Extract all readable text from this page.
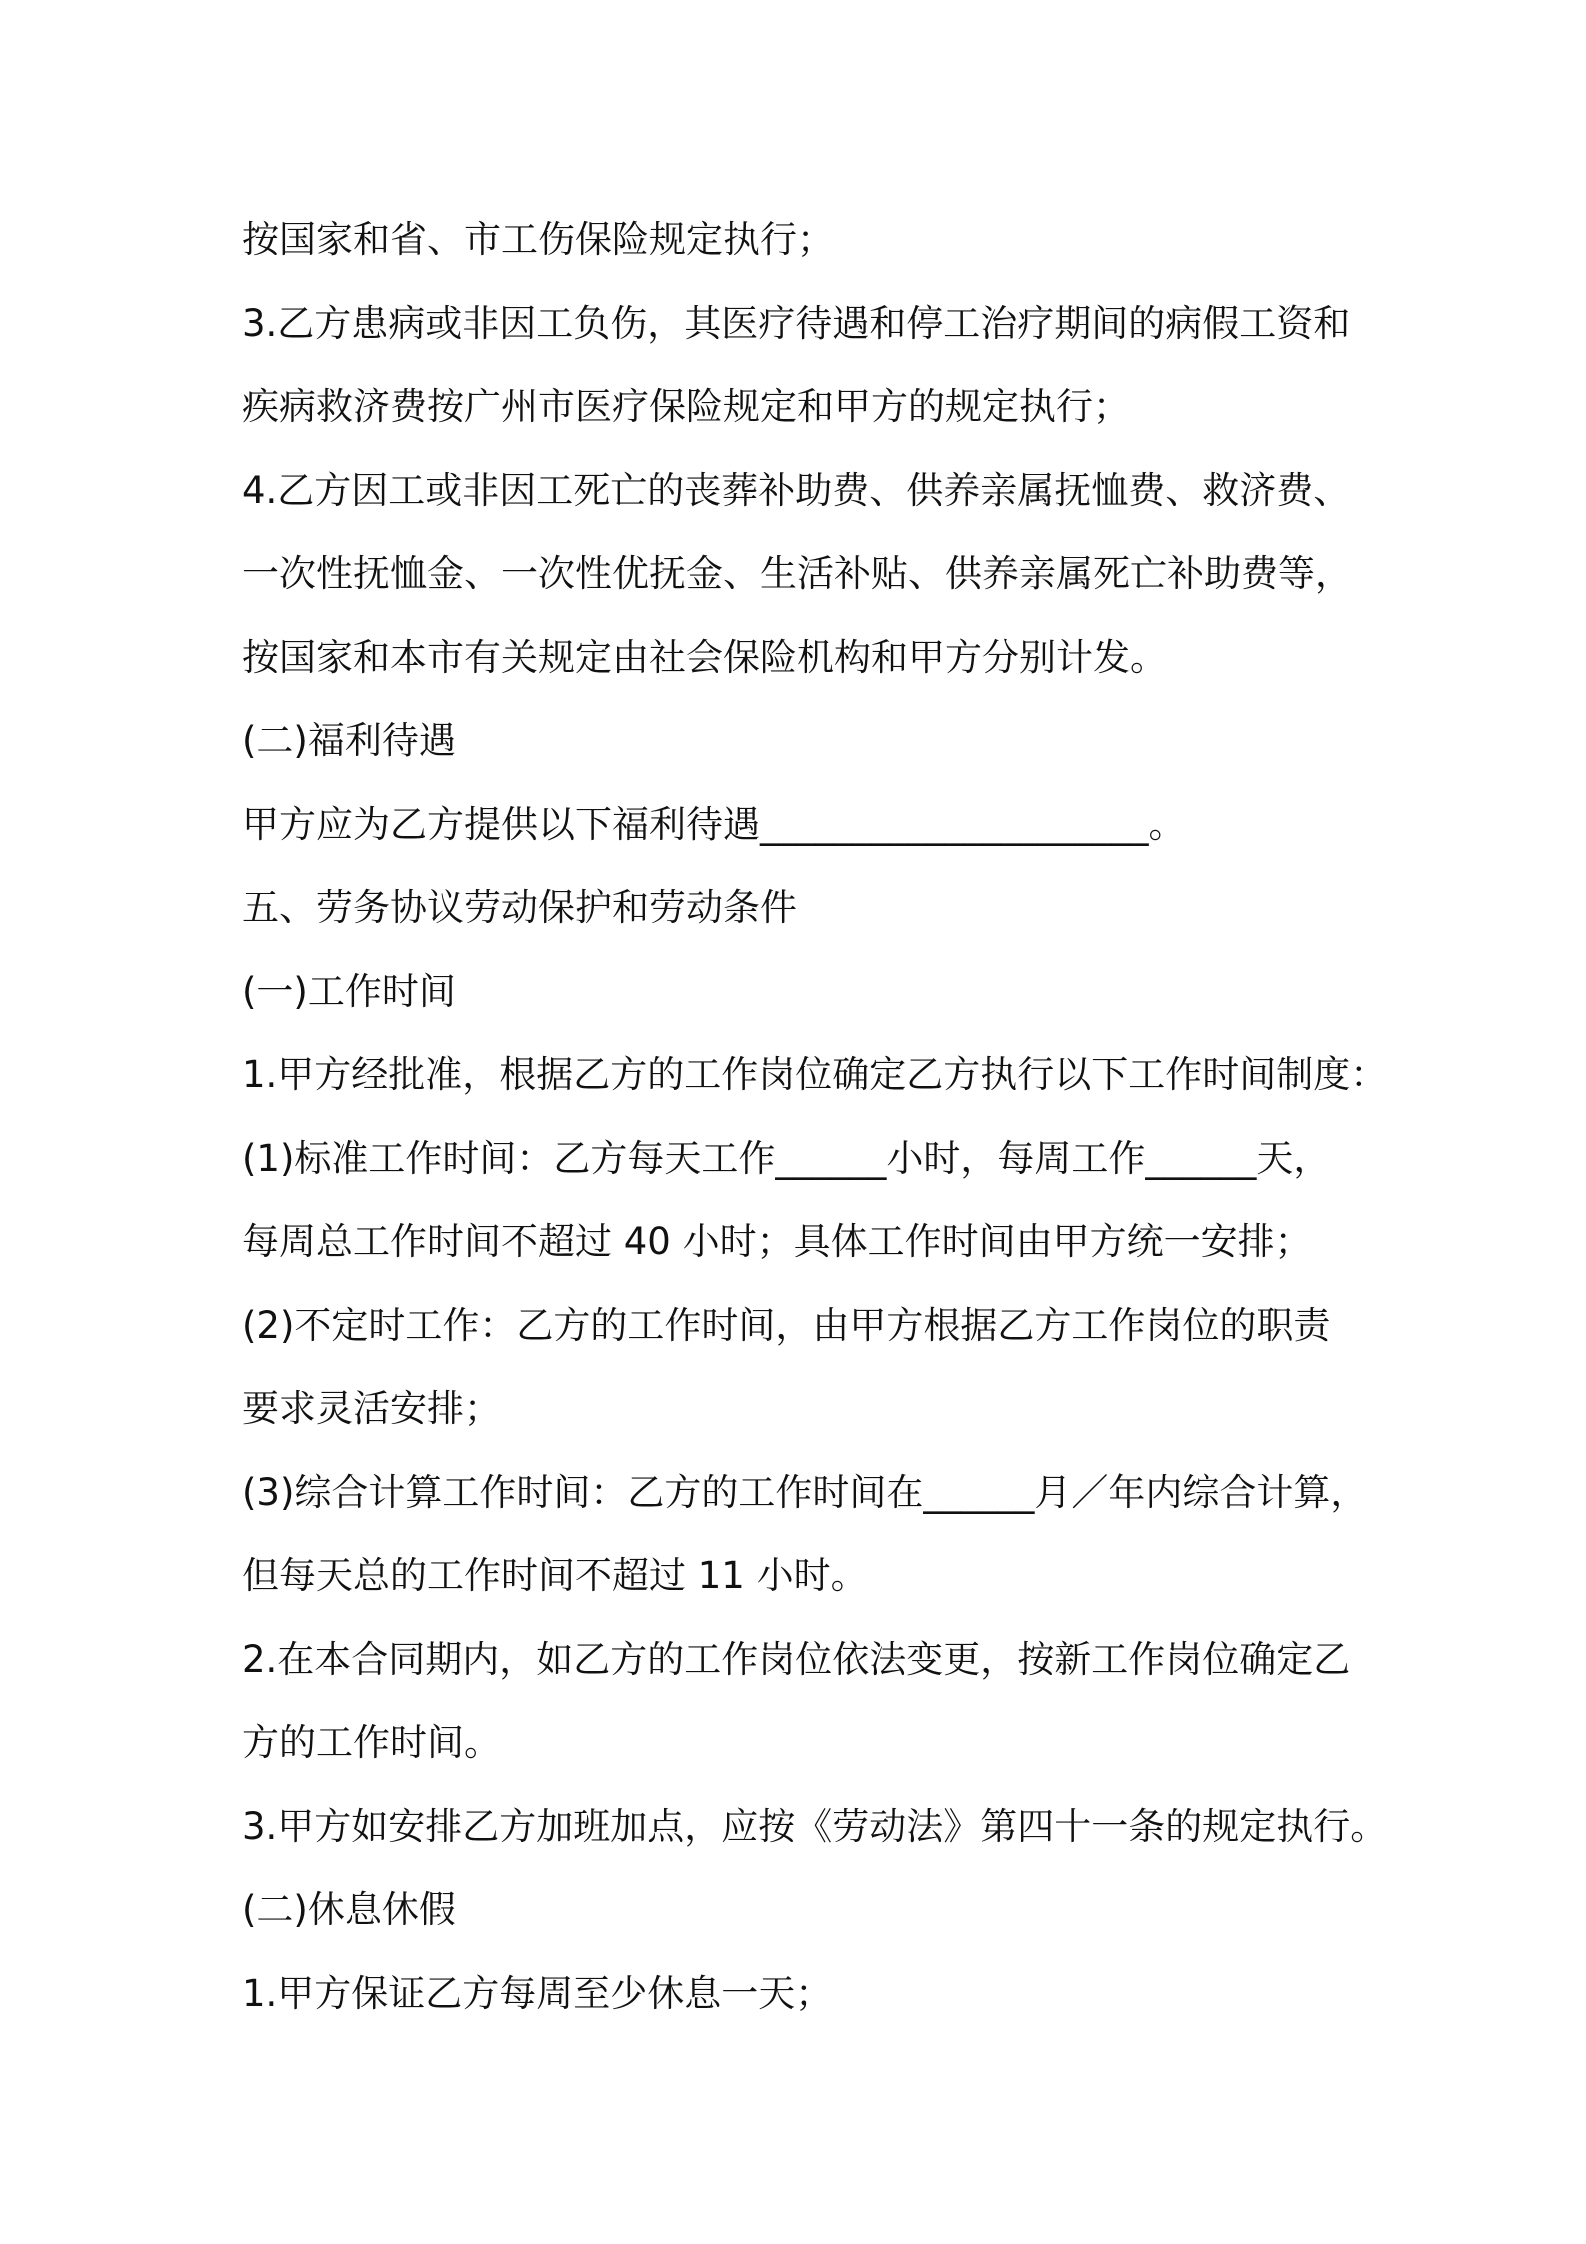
按国家和省、市工伤保险规定执行；
3.乙方患病或非因工负伤，其医疗待遇和停工治疗期间的病假工资和
疾病救济费按广州市医疗保险规定和甲方的规定执行；
4.乙方因工或非因工死亡的丧葬补助费、供养亲属抚恤费、救济费、
一次性抚恤金、一次性优抚金、生活补贴、供养亲属死亡补助费等，
按国家和本市有关规定由社会保险机构和甲方分别计发。
(二)福利待遇
甲方应为乙方提供以下福利待遇_____________________。
五、劳务协议劳动保护和劳动条件
(一)工作时间
1.甲方经批准，根据乙方的工作岗位确定乙方执行以下工作时间制度：
(1)标准工作时间：乙方每天工作______小时，每周工作______天，
每周总工作时间不超过 40 小时；具体工作时间由甲方统一安排；
(2)不定时工作：乙方的工作时间，由甲方根据乙方工作岗位的职责
要求灵活安排；
(3)综合计算工作时间：乙方的工作时间在______月／年内综合计算，
但每天总的工作时间不超过 11 小时。
2.在本合同期内，如乙方的工作岗位依法变更，按新工作岗位确定乙
方的工作时间。
3.甲方如安排乙方加班加点，应按《劳动法》第四十一条的规定执行。
(二)休息休假
1.甲方保证乙方每周至少休息一天；
